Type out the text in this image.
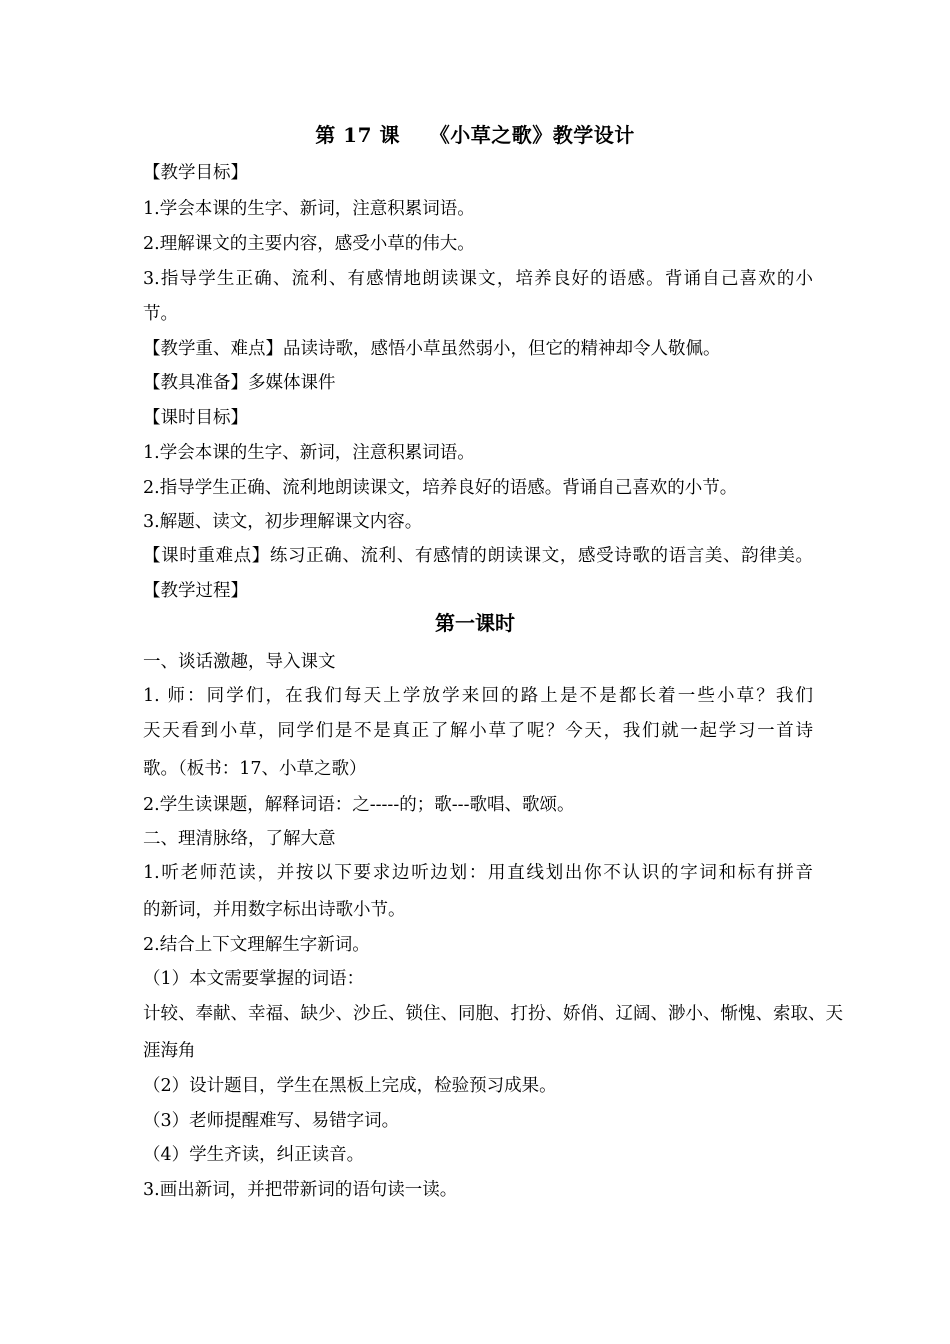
第 17 课    《小草之歌》教学设计
【教学目标】
1.学会本课的生字、新词，注意积累词语。
2.理解课文的主要内容，感受小草的伟大。
3.指导学生正确、流利、有感情地朗读课文，培养良好的语感。背诵自己喜欢的小
节。
【教学重、难点】品读诗歌，感悟小草虽然弱小，但它的精神却令人敬佩。
【教具准备】多媒体课件
【课时目标】
1.学会本课的生字、新词，注意积累词语。
2.指导学生正确、流利地朗读课文，培养良好的语感。背诵自己喜欢的小节。
3.解题、读文，初步理解课文内容。
【课时重难点】练习正确、流利、有感情的朗读课文，感受诗歌的语言美、韵律美。
【教学过程】
第一课时
一、谈话激趣，导入课文
1. 师：同学们，在我们每天上学放学来回的路上是不是都长着一些小草？我们
天天看到小草，同学们是不是真正了解小草了呢？今天，我们就一起学习一首诗
歌。（板书：17、小草之歌）
2.学生读课题，解释词语：之-----的；歌---歌唱、歌颂。
二、理清脉络，了解大意
1.听老师范读，并按以下要求边听边划：用直线划出你不认识的字词和标有拼音
的新词，并用数字标出诗歌小节。
2.结合上下文理解生字新词。
（1）本文需要掌握的词语：
计较、奉献、幸福、缺少、沙丘、锁住、同胞、打扮、娇俏、辽阔、渺小、惭愧、索取、天
涯海角
（2）设计题目，学生在黑板上完成，检验预习成果。
（3）老师提醒难写、易错字词。
（4）学生齐读，纠正读音。
3.画出新词，并把带新词的语句读一读。
